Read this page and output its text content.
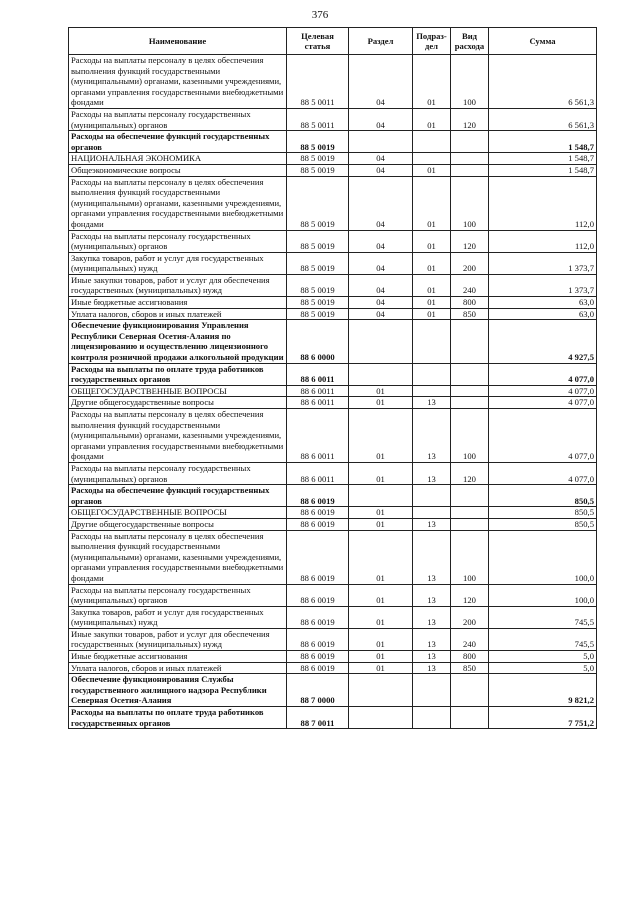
376
Наименование	Целевая статья	Раздел	Подраз-дел	Вид расхода	Сумма
Расходы на выплаты персоналу в целях обеспечения выполнения функций государственными (муниципальными) органами, казенными учреждениями, органами управления государственными внебюджетными фондами	88 5 0011	04	01	100	6 561,3
Расходы на выплаты персоналу государственных (муниципальных) органов	88 5 0011	04	01	120	6 561,3
Расходы на обеспечение функций государственных органов	88 5 0019				1 548,7
НАЦИОНАЛЬНАЯ ЭКОНОМИКА	88 5 0019	04			1 548,7
Общеэкономические вопросы	88 5 0019	04	01		1 548,7
Расходы на выплаты персоналу в целях обеспечения выполнения функций государственными (муниципальными) органами, казенными учреждениями, органами управления государственными внебюджетными фондами	88 5 0019	04	01	100	112,0
Расходы на выплаты персоналу государственных (муниципальных) органов	88 5 0019	04	01	120	112,0
Закупка товаров, работ и услуг для государственных (муниципальных) нужд	88 5 0019	04	01	200	1 373,7
Иные закупки товаров, работ и услуг для обеспечения государственных (муниципальных) нужд	88 5 0019	04	01	240	1 373,7
Иные бюджетные ассигнования	88 5 0019	04	01	800	63,0
Уплата налогов, сборов и иных платежей	88 5 0019	04	01	850	63,0
Обеспечение функционирования Управления Республики Северная Осетия-Алания по лицензированию и осуществлению лицензионного контроля розничной продажи алкогольной продукции	88 6 0000				4 927,5
Расходы на выплаты по оплате труда работников государственных органов	88 6 0011				4 077,0
ОБЩЕГОСУДАРСТВЕННЫЕ ВОПРОСЫ	88 6 0011	01			4 077,0
Другие общегосударственные вопросы	88 6 0011	01	13		4 077,0
Расходы на выплаты персоналу в целях обеспечения выполнения функций государственными (муниципальными) органами, казенными учреждениями, органами управления государственными внебюджетными фондами	88 6 0011	01	13	100	4 077,0
Расходы на выплаты персоналу государственных (муниципальных) органов	88 6 0011	01	13	120	4 077,0
Расходы на обеспечение функций государственных органов	88 6 0019				850,5
ОБЩЕГОСУДАРСТВЕННЫЕ ВОПРОСЫ	88 6 0019	01			850,5
Другие общегосударственные вопросы	88 6 0019	01	13		850,5
Расходы на выплаты персоналу в целях обеспечения выполнения функций государственными (муниципальными) органами, казенными учреждениями, органами управления государственными внебюджетными фондами	88 6 0019	01	13	100	100,0
Расходы на выплаты персоналу государственных (муниципальных) органов	88 6 0019	01	13	120	100,0
Закупка товаров, работ и услуг для государственных (муниципальных) нужд	88 6 0019	01	13	200	745,5
Иные закупки товаров, работ и услуг для обеспечения государственных (муниципальных) нужд	88 6 0019	01	13	240	745,5
Иные бюджетные ассигнования	88 6 0019	01	13	800	5,0
Уплата налогов, сборов и иных платежей	88 6 0019	01	13	850	5,0
Обеспечение функционирования Службы государственного жилищного надзора Республики Северная Осетия-Алания	88 7 0000				9 821,2
Расходы на выплаты по оплате труда работников государственных органов	88 7 0011				7 751,2
